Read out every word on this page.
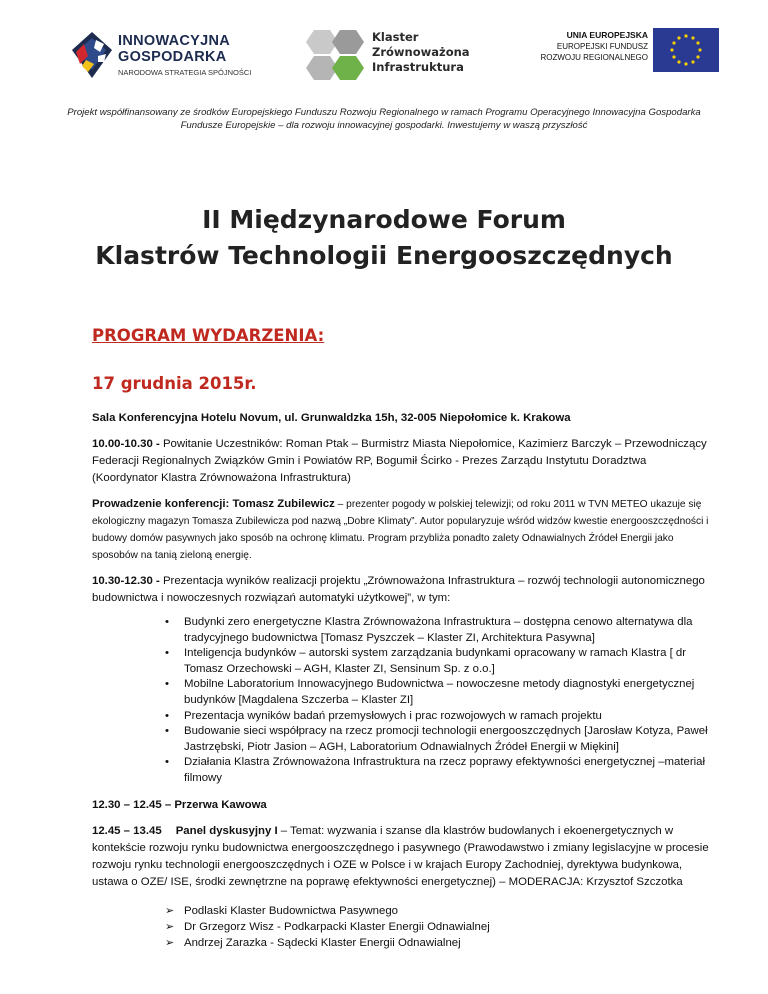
INNOWACYJNA
GOSPODARKA
NARODOWA STRATEGIA SPÓJNOŚCI
Klaster
Zrównoważona
Infrastruktura
UNIA EUROPEJSKA
EUROPEJSKI FUNDUSZ
ROZWOJU REGIONALNEGO
Projekt współfinansowany ze środków Europejskiego Funduszu Rozwoju Regionalnego w ramach Programu Operacyjnego Innowacyjna Gospodarka
Fundusze Europejskie – dla rozwoju innowacyjnej gospodarki. Inwestujemy w waszą przyszłość
II Międzynarodowe Forum
Klastrów Technologii Energooszczędnych
PROGRAM WYDARZENIA:
17 grudnia 2015r.

Sala Konferencyjna Hotelu Novum, ul. Grunwaldzka 15h, 32-005 Niepołomice k. Krakowa

10.00-10.30 - Powitanie Uczestników: Roman Ptak – Burmistrz Miasta Niepołomice, Kazimierz Barczyk – Przewodniczący Federacji Regionalnych Związków Gmin i Powiatów RP, Bogumił Ścirko - Prezes Zarządu Instytutu Doradztwa (Koordynator Klastra Zrównoważona Infrastruktura)

Prowadzenie konferencji: Tomasz Zubilewicz – prezenter pogody w polskiej telewizji; od roku 2011 w TVN METEO ukazuje się ekologiczny magazyn Tomasza Zubilewicza pod nazwą „Dobre Klimaty”. Autor popularyzuje wśród widzów kwestie energooszczędności i budowy domów pasywnych jako sposób na ochronę klimatu. Program przybliża ponadto zalety Odnawialnych Źródeł Energii jako sposobów na tanią zieloną energię.

10.30-12.30 - Prezentacja wyników realizacji projektu „Zrównoważona Infrastruktura – rozwój technologii autonomicznego budownictwa i nowoczesnych rozwiązań automatyki użytkowej”, w tym:

• Budynki zero energetyczne Klastra Zrównoważona Infrastruktura – dostępna cenowo alternatywa dla tradycyjnego budownictwa [Tomasz Pyszczek – Klaster ZI, Architektura Pasywna]
• Inteligencja budynków – autorski system zarządzania budynkami opracowany w ramach Klastra [ dr Tomasz Orzechowski – AGH, Klaster ZI, Sensinum Sp. z o.o.]
• Mobilne Laboratorium Innowacyjnego Budownictwa – nowoczesne metody diagnostyki energetycznej budynków [Magdalena Szczerba – Klaster ZI]
• Prezentacja wyników badań przemysłowych i prac rozwojowych w ramach projektu
• Budowanie sieci współpracy na rzecz promocji technologii energooszczędnych [Jarosław Kotyza, Paweł Jastrzębski, Piotr Jasion – AGH, Laboratorium Odnawialnych Źródeł Energii w Miękini]
• Działania Klastra Zrównoważona Infrastruktura na rzecz poprawy efektywności energetycznej –materiał filmowy

12.30 – 12.45 – Przerwa Kawowa

12.45 – 13.45 Panel dyskusyjny I – Temat: wyzwania i szanse dla klastrów budowlanych i ekoenergetycznych w kontekście rozwoju rynku budownictwa energooszczędnego i pasywnego (Prawodawstwo i zmiany legislacyjne w procesie rozwoju rynku technologii energooszczędnych i OZE w Polsce i w krajach Europy Zachodniej, dyrektywa budynkowa, ustawa o OZE/ ISE, środki zewnętrzne na poprawę efektywności energetycznej) – MODERACJA: Krzysztof Szczotka

➢ Podlaski Klaster Budownictwa Pasywnego
➢ Dr Grzegorz Wisz - Podkarpacki Klaster Energii Odnawialnej
➢ Andrzej Zarazka - Sądecki Klaster Energii Odnawialnej
